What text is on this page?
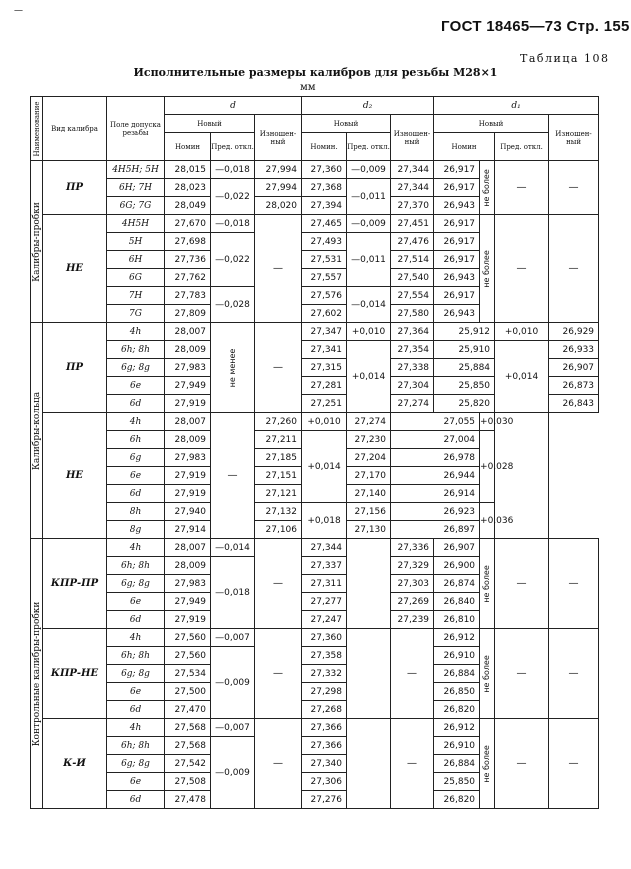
—
ГОСТ 18465—73 Стр. 155
Таблица 108
Исполнительные размеры калибров для резьбы М28×1
мм
Наименование	Вид калибра	Поле допуска резьбы	d			d₂			d₁			
			Новый		Изношен-ный	Новый		Изношен-ный	Новый			Изношен-ный
			Номин	Пред. откл.		Номин.	Пред. откл.		Номин		Пред. откл.	

Калибры-пробки	ПР	4H5H; 5H	28,015	—0,018	27,994	27,360	—0,009	27,344	26,917	не более	—	—
		6H; 7H	28,023	—0,022	27,994	27,368	—0,011	27,344	26,917			
		6G; 7G	28,049		28,020	27,394		27,370	26,943			
	НЕ	4H5H	27,670	—0,018	—	27,465	—0,009	27,451	26,917	не более	—	—
		5H	27,698	—0,022		27,493	—0,011	27,476	26,917			
		6H	27,736			27,531		27,514	26,917			
		6G	27,762			27,557		27,540	26,943			
		7H	27,783	—0,028		27,576	—0,014	27,554	26,917			
		7G	27,809			27,602		27,580	26,943			

Калибры-кольца	ПР	4h	28,007	не менее	—	27,347	+0,010	27,364	25,912		+0,010	26,929
		6h; 8h	28,009			27,341	+0,014	27,354	25,910		+0,014	26,933
		6g; 8g	27,983			27,315		27,338	25,884			26,907
		6e	27,949			27,281		27,304	25,850			26,873
		6d	27,919			27,251		27,274	25,820			26,843
	НЕ	4h	28,007	—	27,260	+0,010	27,274	27,055		+0,030		
		6h	28,009		27,211	+0,014	27,230	27,004		+0,028		
		6g	27,983		27,185		27,204	26,978				
		6e	27,919		27,151		27,170	26,944				
		6d	27,919		27,121		27,140	26,914				
		8h	27,940		27,132	+0,018	27,156	26,923		+0,036		
		8g	27,914		27,106		27,130	26,897				

Контрольные калибры-пробки	КПР-ПР	4h	28,007	—0,014	—	27,344		27,336	26,907	не более	—	—
		6h; 8h	28,009	—0,018		27,337		27,329	26,900			
		6g; 8g	27,983			27,311		27,303	26,874			
		6e	27,949			27,277		27,269	26,840			
		6d	27,919			27,247		27,239	26,810			
	КПР-НЕ	4h	27,560	—0,007	—	27,360		—	26,912	не более	—	—
		6h; 8h	27,560	—0,009		27,358			26,910			
		6g; 8g	27,534			27,332			26,884			
		6e	27,500			27,298			26,850			
		6d	27,470			27,268			26,820			
	К-И	4h	27,568	—0,007	—	27,366		—	26,912	не более	—	—
		6h; 8h	27,568	—0,009		27,366			26,910			
		6g; 8g	27,542			27,340			26,884			
		6e	27,508			27,306			25,850			
		6d	27,478			27,276			26,820			
